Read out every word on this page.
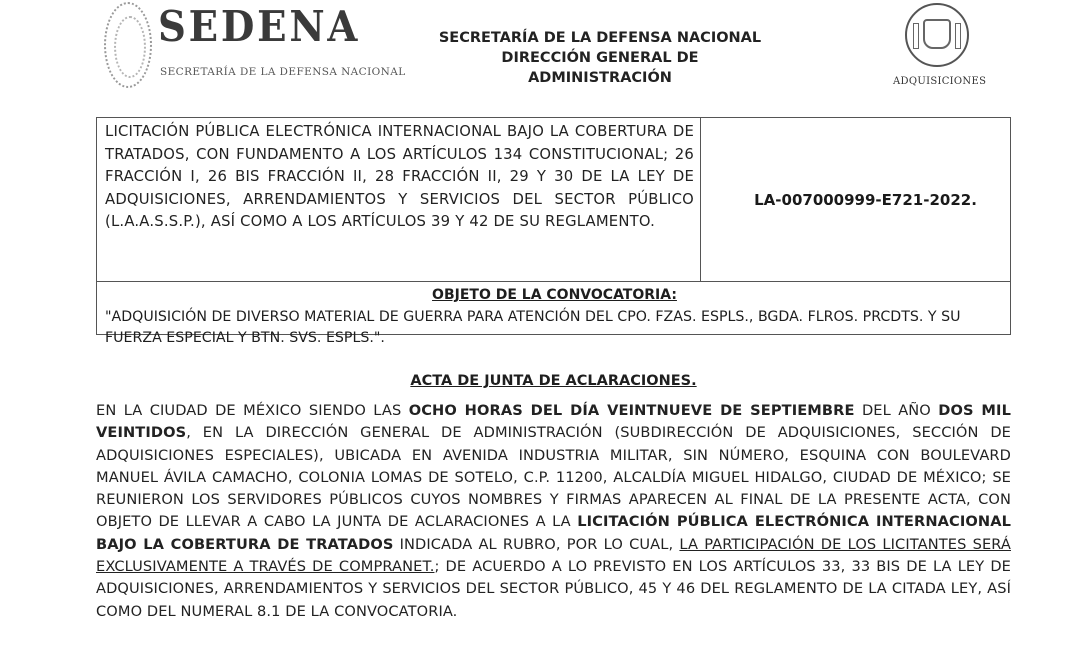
SEDENA
SECRETARÍA DE LA DEFENSA NACIONAL
SECRETARÍA DE LA DEFENSA NACIONAL
DIRECCIÓN GENERAL DE
ADMINISTRACIÓN	ADQUISICIONES
LICITACIÓN PÚBLICA ELECTRÓNICA INTERNACIONAL BAJO LA COBERTURA DE TRATADOS, CON FUNDAMENTO A LOS ARTÍCULOS 134 CONSTITUCIONAL; 26 FRACCIÓN I, 26 BIS FRACCIÓN II, 28 FRACCIÓN II, 29 Y 30 DE LA LEY DE ADQUISICIONES, ARRENDAMIENTOS Y SERVICIOS DEL SECTOR PÚBLICO (L.A.A.S.S.P.), ASÍ COMO A LOS ARTÍCULOS 39 Y 42 DE SU REGLAMENTO.
LA-007000999-E721-2022.
OBJETO DE LA CONVOCATORIA:
"ADQUISICIÓN DE DIVERSO MATERIAL DE GUERRA PARA ATENCIÓN DEL CPO. FZAS. ESPLS., BGDA. FLROS. PRCDTS. Y SU FUERZA ESPECIAL Y BTN. SVS. ESPLS.".
ACTA DE JUNTA DE ACLARACIONES.
EN LA CIUDAD DE MÉXICO SIENDO LAS OCHO HORAS DEL DÍA VEINTNUEVE DE SEPTIEMBRE DEL AÑO DOS MIL VEINTIDOS, EN LA DIRECCIÓN GENERAL DE ADMINISTRACIÓN (SUBDIRECCIÓN DE ADQUISICIONES, SECCIÓN DE ADQUISICIONES ESPECIALES), UBICADA EN AVENIDA INDUSTRIA MILITAR, SIN NÚMERO, ESQUINA CON BOULEVARD MANUEL ÁVILA CAMACHO, COLONIA LOMAS DE SOTELO, C.P. 11200, ALCALDÍA MIGUEL HIDALGO, CIUDAD DE MÉXICO; SE REUNIERON LOS SERVIDORES PÚBLICOS CUYOS NOMBRES Y FIRMAS APARECEN AL FINAL DE LA PRESENTE ACTA, CON OBJETO DE LLEVAR A CABO LA JUNTA DE ACLARACIONES A LA LICITACIÓN PÚBLICA ELECTRÓNICA INTERNACIONAL BAJO LA COBERTURA DE TRATADOS INDICADA AL RUBRO, POR LO CUAL, LA PARTICIPACIÓN DE LOS LICITANTES SERÁ EXCLUSIVAMENTE A TRAVÉS DE COMPRANET.; DE ACUERDO A LO PREVISTO EN LOS ARTÍCULOS 33, 33 BIS DE LA LEY DE ADQUISICIONES, ARRENDAMIENTOS Y SERVICIOS DEL SECTOR PÚBLICO, 45 Y 46 DEL REGLAMENTO DE LA CITADA LEY, ASÍ COMO DEL NUMERAL 8.1 DE LA CONVOCATORIA.
